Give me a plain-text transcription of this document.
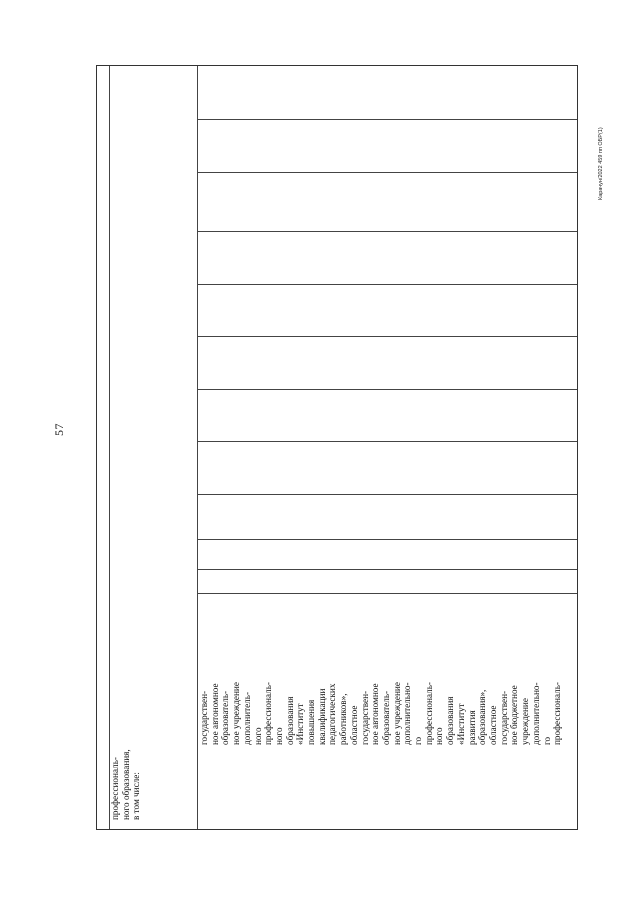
57
Карачун/2022 459 пп ОБР(1)
профессиональ- ного образования, в том числе:
государствен- ное автономное образователь- ное учреждение дополнитель- ного профессиональ- ного образования «Институт повышения квалификации педагогических работников», областное государствен- ное автономное образователь- ное учреждение дополнительно- го профессиональ- ного образования «Институт развития образования», областное государствен- ное бюджетное учреждение дополнительно- го профессиональ-
